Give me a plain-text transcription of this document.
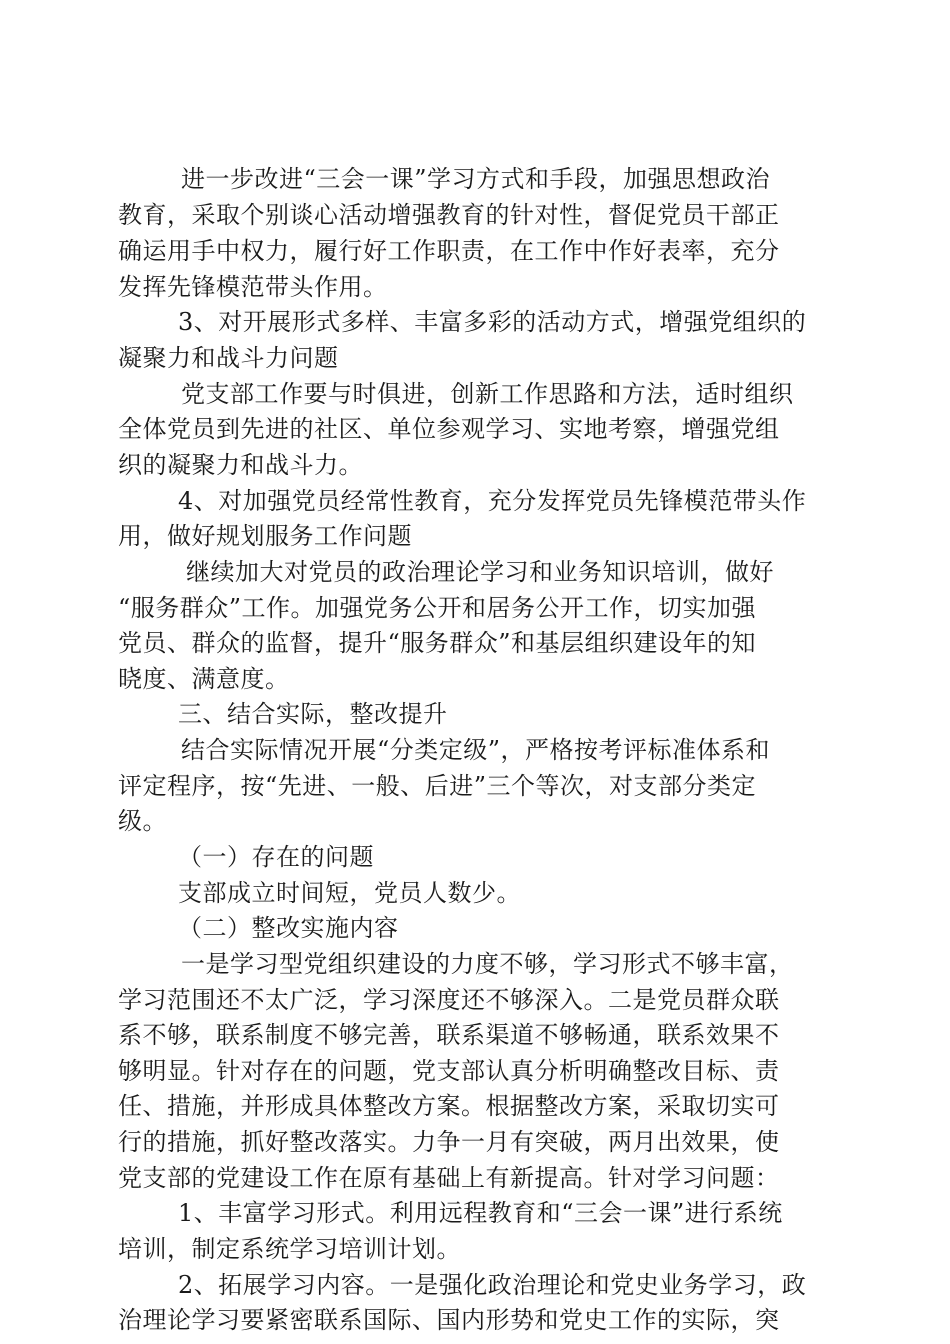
进一步改进“三会一课”学习方式和手段，加强思想政治
教育，采取个别谈心活动增强教育的针对性，督促党员干部正
确运用手中权力，履行好工作职责，在工作中作好表率，充分
发挥先锋模范带头作用。
3、对开展形式多样、丰富多彩的活动方式，增强党组织的
凝聚力和战斗力问题
党支部工作要与时俱进，创新工作思路和方法，适时组织
全体党员到先进的社区、单位参观学习、实地考察，增强党组
织的凝聚力和战斗力。
4、对加强党员经常性教育，充分发挥党员先锋模范带头作
用，做好规划服务工作问题
继续加大对党员的政治理论学习和业务知识培训，做好
“服务群众”工作。加强党务公开和居务公开工作，切实加强
党员、群众的监督，提升“服务群众”和基层组织建设年的知
晓度、满意度。
三、结合实际，整改提升
结合实际情况开展“分类定级”，严格按考评标准体系和
评定程序，按“先进、一般、后进”三个等次，对支部分类定
级。
（一）存在的问题
支部成立时间短，党员人数少。
（二）整改实施内容
一是学习型党组织建设的力度不够，学习形式不够丰富，
学习范围还不太广泛，学习深度还不够深入。二是党员群众联
系不够，联系制度不够完善，联系渠道不够畅通，联系效果不
够明显。针对存在的问题，党支部认真分析明确整改目标、责
任、措施，并形成具体整改方案。根据整改方案，采取切实可
行的措施，抓好整改落实。力争一月有突破，两月出效果，使
党支部的党建设工作在原有基础上有新提高。针对学习问题：
1、丰富学习形式。利用远程教育和“三会一课”进行系统
培训，制定系统学习培训计划。
2、拓展学习内容。一是强化政治理论和党史业务学习，政
治理论学习要紧密联系国际、国内形势和党史工作的实际，突
